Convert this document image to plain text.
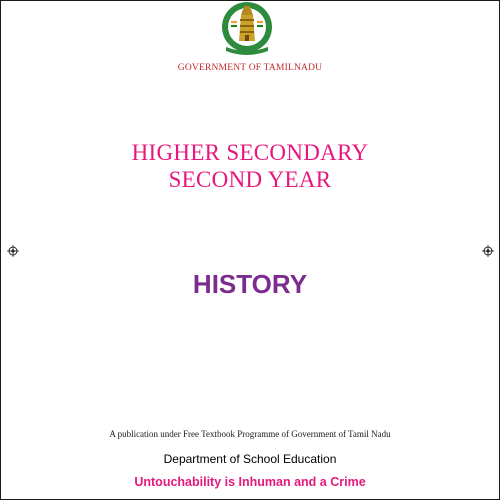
GOVERNMENT OF TAMILNADU
HIGHER SECONDARY
SECOND YEAR
HISTORY
A publication under Free Textbook Programme of Government of Tamil Nadu
Department of School Education
Untouchability is Inhuman and a Crime
